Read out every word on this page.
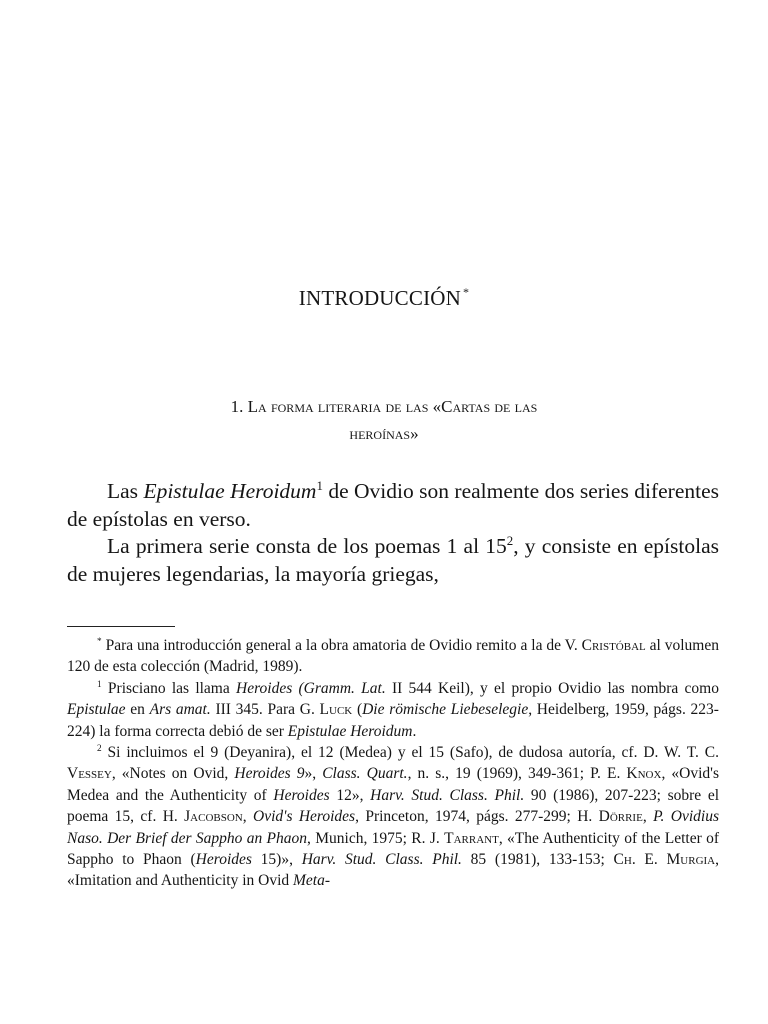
INTRODUCCIÓN *
1. La forma literaria de las «Cartas de las
heroínas»

Las Epistulae Heroidum$^1$ de Ovidio son realmente dos series diferentes de epístolas en verso.

La primera serie consta de los poemas 1 al $15^2$, y consiste en epístolas de mujeres legendarias, la mayoría griegas,

* Para una introducción general a la obra amatoria de Ovidio remito a la de V. Cristóbal al volumen 120 de esta colección (Madrid, 1989).

$^1$ Prisciano las llama Heroides (Gramm. Lat. II 544 Keil), y el propio Ovidio las nombra como Epistulae en Ars amat. III 345. Para G. Luck (Die römische Liebeselegie, Heidelberg, 1959, págs. 223-224) la forma correcta debió de ser Epistulae Heroidum.

$^2$ Si incluimos el 9 (Deyanira), el 12 (Medea) y el 15 (Safo), de dudosa autoría, cf. D. W. T. C. Vessey, «Notes on Ovid, Heroides 9», Class. Quart., n. s., 19 (1969), 349-361; P. E. Knox, «Ovid's Medea and the Authenticity of Heroides 12», Harv. Stud. Class. Phil. 90 (1986), 207-223; sobre el poema 15, cf. H. Jacobson, Ovid's Heroides, Princeton, 1974, págs. 277-299; H. Dörrie, P. Ovidius Naso. Der Brief der Sappho an Phaon, Munich, 1975; R. J. Tarrant, «The Authenticity of the Letter of Sappho to Phaon (Heroides 15)», Harv. Stud. Class. Phil. 85 (1981), 133-153; Ch. E. Murgia, «Imitation and Authenticity in Ovid Meta-
